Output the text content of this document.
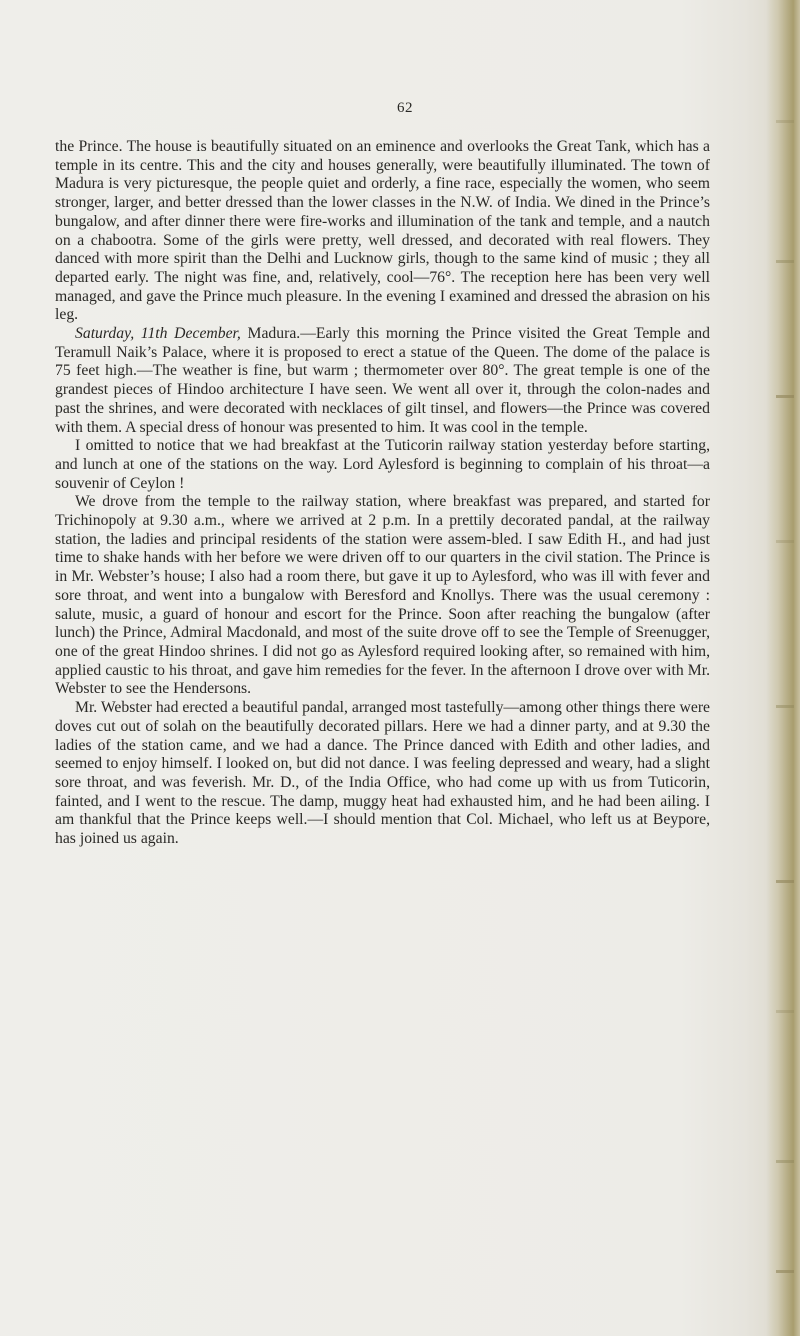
62

the Prince. The house is beautifully situated on an eminence and overlooks the Great Tank, which has a temple in its centre. This and the city and houses generally, were beautifully illuminated. The town of Madura is very picturesque, the people quiet and orderly, a fine race, especially the women, who seem stronger, larger, and better dressed than the lower classes in the N.W. of India. We dined in the Prince’s bungalow, and after dinner there were fire-works and illumination of the tank and temple, and a nautch on a chabootra. Some of the girls were pretty, well dressed, and decorated with real flowers. They danced with more spirit than the Delhi and Lucknow girls, though to the same kind of music ; they all departed early. The night was fine, and, relatively, cool—76°. The reception here has been very well managed, and gave the Prince much pleasure. In the evening I examined and dressed the abrasion on his leg.

Saturday, 11th December, Madura.—Early this morning the Prince visited the Great Temple and Teramull Naik’s Palace, where it is proposed to erect a statue of the Queen. The dome of the palace is 75 feet high.—The weather is fine, but warm ; thermometer over 80°. The great temple is one of the grandest pieces of Hindoo architecture I have seen. We went all over it, through the colon-nades and past the shrines, and were decorated with necklaces of gilt tinsel, and flowers—the Prince was covered with them. A special dress of honour was presented to him. It was cool in the temple.

I omitted to notice that we had breakfast at the Tuticorin railway station yesterday before starting, and lunch at one of the stations on the way. Lord Aylesford is beginning to complain of his throat—a souvenir of Ceylon !

We drove from the temple to the railway station, where breakfast was prepared, and started for Trichinopoly at 9.30 a.m., where we arrived at 2 p.m. In a prettily decorated pandal, at the railway station, the ladies and principal residents of the station were assem-bled. I saw Edith H., and had just time to shake hands with her before we were driven off to our quarters in the civil station. The Prince is in Mr. Webster’s house; I also had a room there, but gave it up to Aylesford, who was ill with fever and sore throat, and went into a bungalow with Beresford and Knollys. There was the usual ceremony : salute, music, a guard of honour and escort for the Prince. Soon after reaching the bungalow (after lunch) the Prince, Admiral Macdonald, and most of the suite drove off to see the Temple of Sreenugger, one of the great Hindoo shrines. I did not go as Aylesford required looking after, so remained with him, applied caustic to his throat, and gave him remedies for the fever. In the afternoon I drove over with Mr. Webster to see the Hendersons.

Mr. Webster had erected a beautiful pandal, arranged most tastefully—among other things there were doves cut out of solah on the beautifully decorated pillars. Here we had a dinner party, and at 9.30 the ladies of the station came, and we had a dance. The Prince danced with Edith and other ladies, and seemed to enjoy himself. I looked on, but did not dance. I was feeling depressed and weary, had a slight sore throat, and was feverish. Mr. D., of the India Office, who had come up with us from Tuticorin, fainted, and I went to the rescue. The damp, muggy heat had exhausted him, and he had been ailing. I am thankful that the Prince keeps well.—I should mention that Col. Michael, who left us at Beypore, has joined us again.
